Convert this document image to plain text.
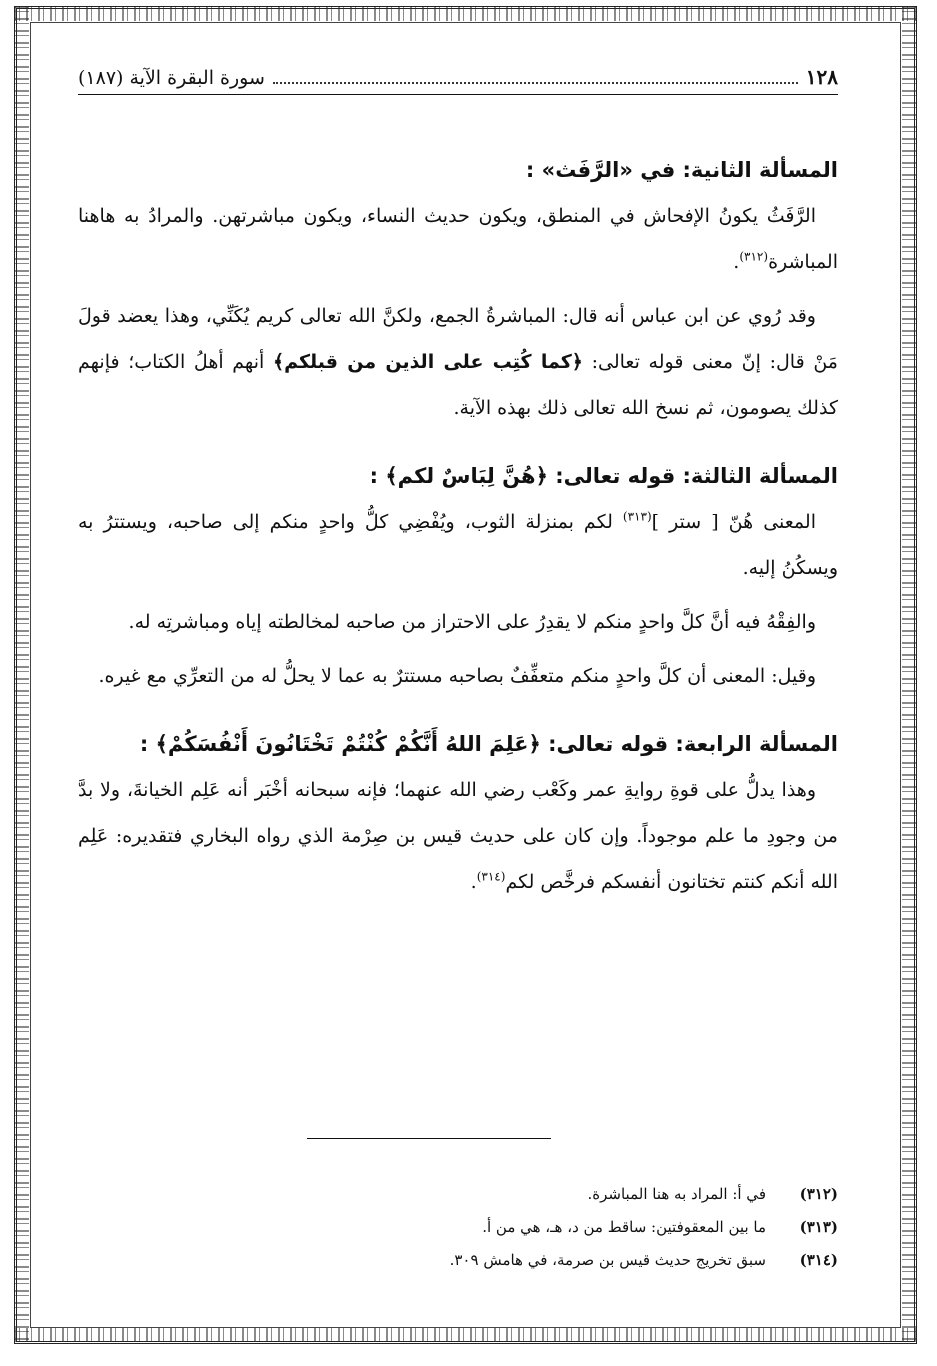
١٢٨
سورة البقرة الآية (١٨٧)
المسألة الثانية: في «الرَّفَث» :

الرَّفَثُ يكونُ الإفحاش في المنطق، ويكون حديث النساء، ويكون مباشرتهن. والمرادُ به هاهنا المباشرة$^{(٣١٢)}$.

وقد رُوي عن ابن عباس أنه قال: المباشرةُ الجمع، ولكنَّ الله تعالى كريم يُكَنِّي، وهذا يعضد قولَ مَنْ قال: إنّ معنى قوله تعالى: ﴿كما كُتِب على الذين من قبلكم﴾ أنهم أهلُ الكتاب؛ فإنهم كذلك يصومون، ثم نسخ الله تعالى ذلك بهذه الآية.

المسألة الثالثة: قوله تعالى: ﴿هُنَّ لِبَاسٌ لكم﴾ :

المعنى هُنّ [ ستر ]$^{(٣١٣)}$ لكم بمنزلة الثوب، ويُفْضِي كلُّ واحدٍ منكم إلى صاحبه، ويستترُ به ويسكُنُ إليه.

والفِقْهُ فيه أنَّ كلَّ واحدٍ منكم لا يقدِرُ على الاحتراز من صاحبه لمخالطته إياه ومباشرتِه له.

وقيل: المعنى أن كلَّ واحدٍ منكم متعفِّفٌ بصاحبه مستترٌ به عما لا يحلُّ له من التعرِّي مع غيره.

المسألة الرابعة: قوله تعالى: ﴿عَلِمَ اللهُ أَنَّكُمْ كُنْتُمْ تَخْتَانُونَ أَنْفُسَكُمْ﴾ :

وهذا يدلُّ على قوةِ روايةِ عمر وكَعْب رضي الله عنهما؛ فإنه سبحانه أخْبَر أنه عَلِم الخيانةَ، ولا بدَّ من وجودِ ما علم موجوداً. وإن كان على حديث قيس بن صِرْمة الذي رواه البخاري فتقديره: عَلِم الله أنكم كنتم تختانون أنفسكم فرخَّص لكم$^{(٣١٤)}$.

(٣١٢)
في أ: المراد به هنا المباشرة.
(٣١٣)
ما بين المعقوفتين: ساقط من د، هـ، هي من أ.
(٣١٤)
سبق تخريج حديث قيس بن صرمة، في هامش ٣٠٩.
